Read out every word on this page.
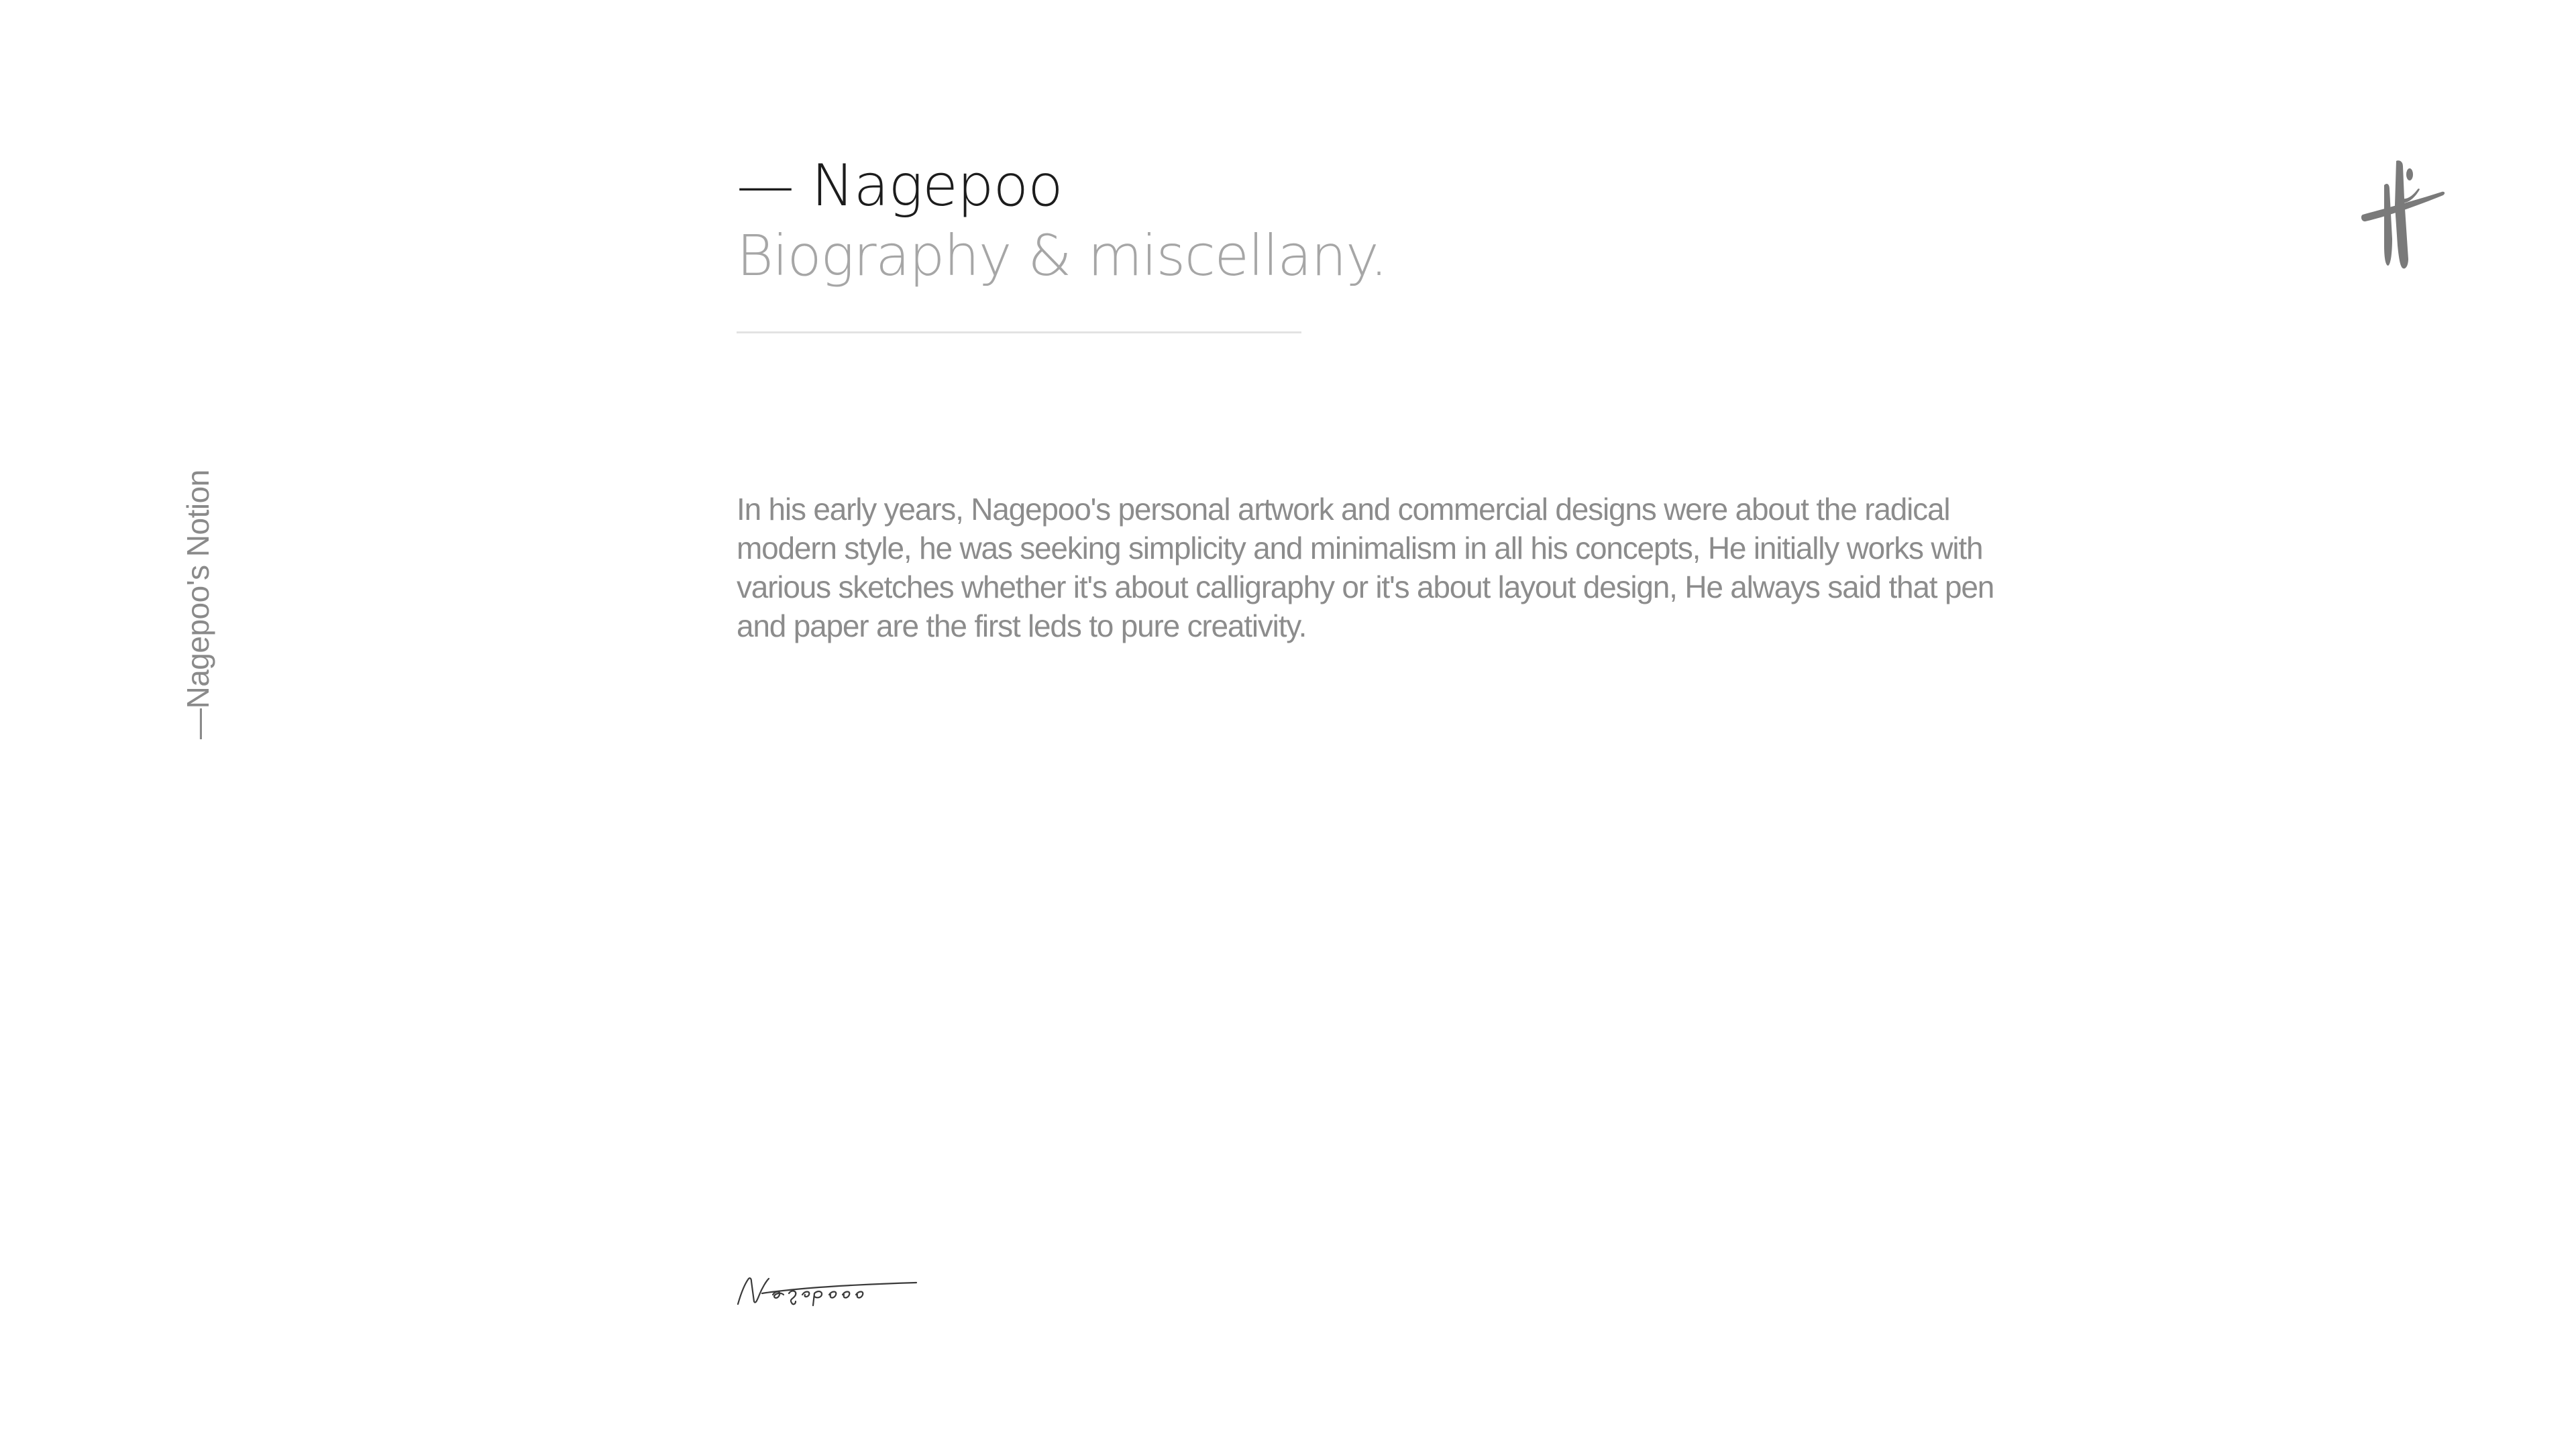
—Nagepoo's Notion
— Nagepoo
Biography & miscellany.

In his early years, Nagepoo's personal artwork and commercial designs were about the radical modern style, he was seeking simplicity and minimalism in all his concepts, He initially works with various sketches whether it's about calligraphy or it's about layout design, He always said that pen and paper are the first leds to pure creativity.
